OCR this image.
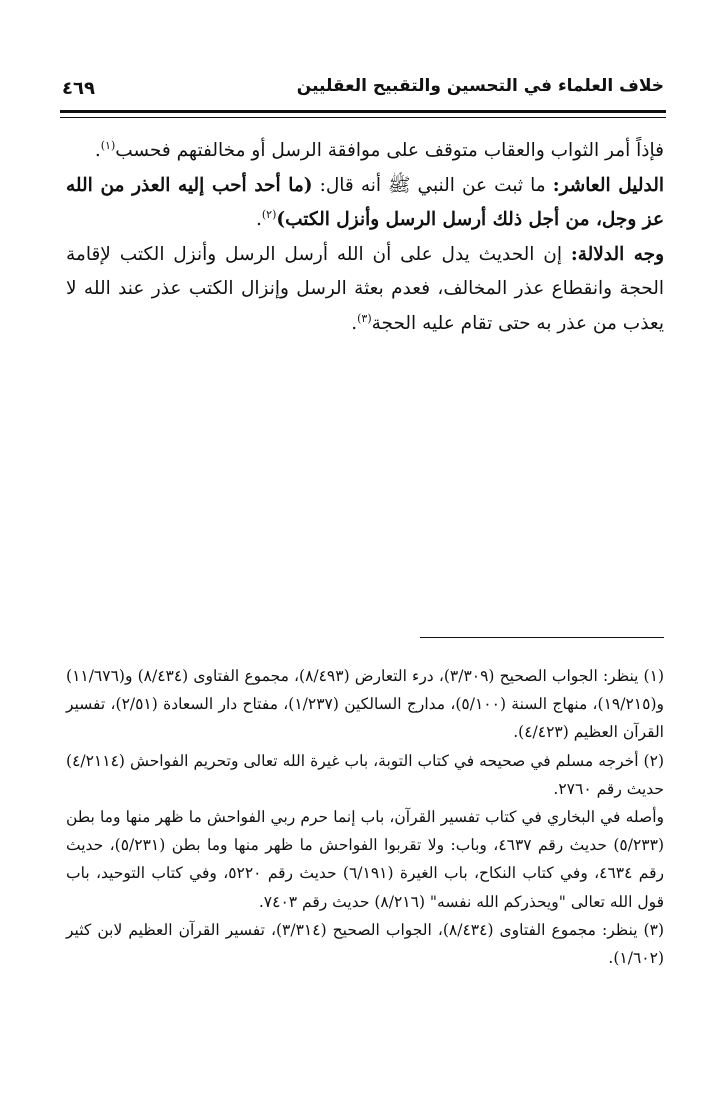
خلاف العلماء في التحسين والتقبيح العقليين
٤٦٩

فإذاً أمر الثواب والعقاب متوقف على موافقة الرسل أو مخالفتهم فحسب$^{(١)}$.

الدليل العاشر: ما ثبت عن النبي ﷺ أنه قال: (ما أحد أحب إليه العذر من الله عز وجل، من أجل ذلك أرسل الرسل وأنزل الكتب)$^{(٢)}$.

وجه الدلالة: إن الحديث يدل على أن الله أرسل الرسل وأنزل الكتب لإقامة الحجة وانقطاع عذر المخالف، فعدم بعثة الرسل وإنزال الكتب عذر عند الله لا يعذب من عذر به حتى تقام عليه الحجة$^{(٣)}$.

(١) ينظر: الجواب الصحيح (٣/٣٠٩)، درء التعارض (٨/٤٩٣)، مجموع الفتاوى (٨/٤٣٤) و(١١/٦٧٦) و(١٩/٢١٥)، منهاج السنة (٥/١٠٠)، مدارج السالكين (١/٢٣٧)، مفتاح دار السعادة (٢/٥١)، تفسير القرآن العظيم (٤/٤٢٣).

(٢) أخرجه مسلم في صحيحه في كتاب التوبة، باب غيرة الله تعالى وتحريم الفواحش (٤/٢١١٤) حديث رقم ٢٧٦٠.

وأصله في البخاري في كتاب تفسير القرآن، باب إنما حرم ربي الفواحش ما ظهر منها وما بطن (٥/٢٣٣) حديث رقم ٤٦٣٧، وباب: ولا تقربوا الفواحش ما ظهر منها وما بطن (٥/٢٣١)، حديث رقم ٤٦٣٤، وفي كتاب النكاح، باب الغيرة (٦/١٩١) حديث رقم ٥٢٢٠، وفي كتاب التوحيد، باب قول الله تعالى "ويحذركم الله نفسه" (٨/٢١٦) حديث رقم ٧٤٠٣.

(٣) ينظر: مجموع الفتاوى (٨/٤٣٤)، الجواب الصحيح (٣/٣١٤)، تفسير القرآن العظيم لابن كثير (١/٦٠٢).
